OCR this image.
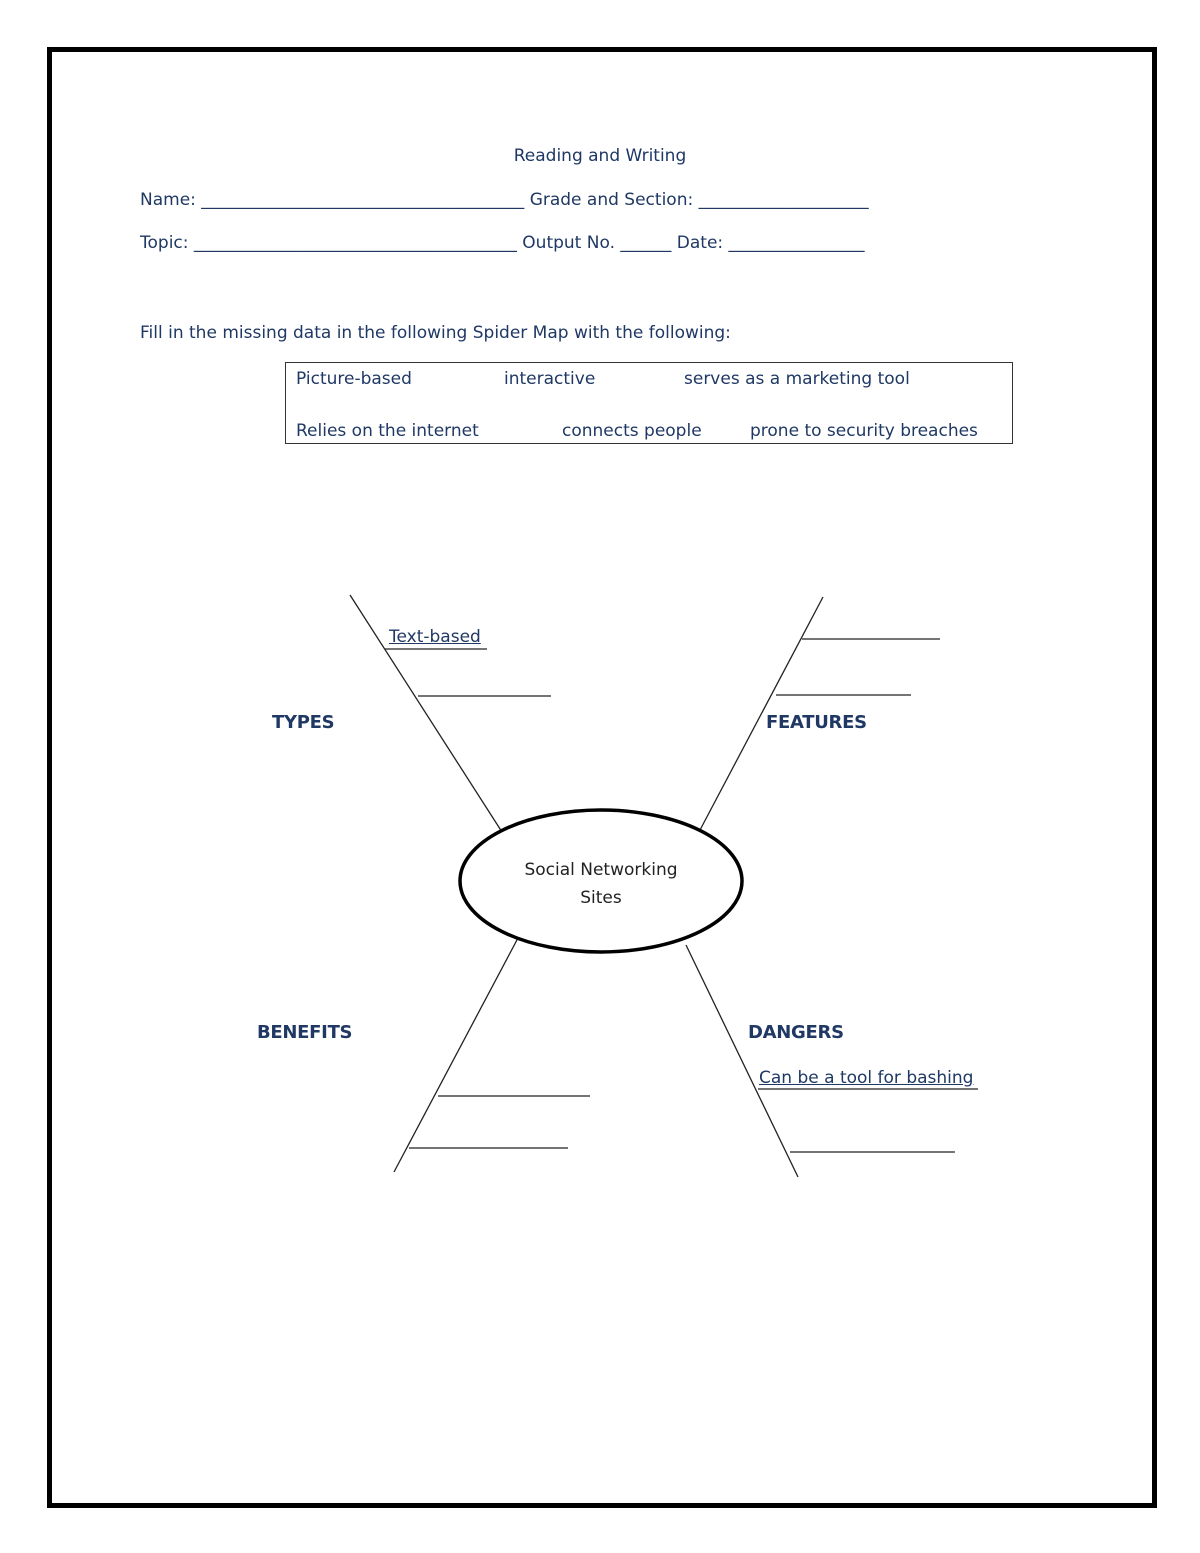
Reading and Writing
Name: ______________________________________ Grade and Section: ____________________
Topic: ______________________________________ Output No. ______ Date: ________________
Fill in the missing data in the following Spider Map with the following:
Picture-based	interactive	serves as a marketing tool
Relies on the internet	connects people	prone to security breaches
Social Networking
Sites
TYPES
Text-based
FEATURES
BENEFITS	DANGERS
Can be a tool for bashing
